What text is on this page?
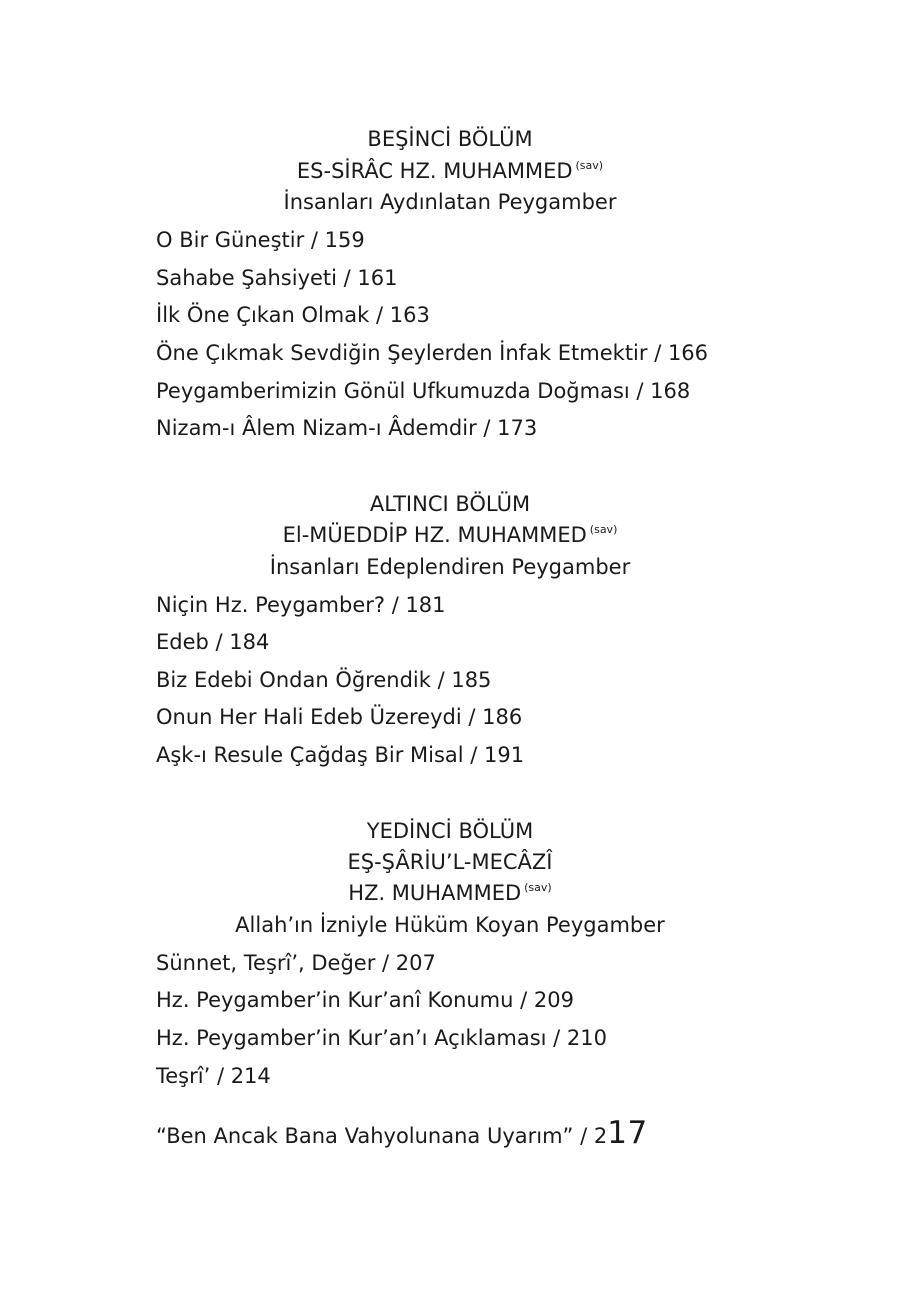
BEŞİNCİ BÖLÜM
ES-SİRÂC HZ. MUHAMMED $^{(sav)}$
İnsanları Aydınlatan Peygamber
O Bir Güneştir / 159
Sahabe Şahsiyeti / 161
İlk Öne Çıkan Olmak / 163
Öne Çıkmak Sevdiğin Şeylerden İnfak Etmektir / 166
Peygamberimizin Gönül Ufkumuzda Doğması / 168
Nizam-ı Âlem Nizam-ı Âdemdir / 173
ALTINCI BÖLÜM
El-MÜEDDİP HZ. MUHAMMED $^{(sav)}$
İnsanları Edeplendiren Peygamber
Niçin Hz. Peygamber? / 181
Edeb / 184
Biz Edebi Ondan Öğrendik / 185
Onun Her Hali Edeb Üzereydi / 186
Aşk-ı Resule Çağdaş Bir Misal / 191
YEDİNCİ BÖLÜM
EŞ-ŞÂRİU’L-MECÂZÎ
HZ. MUHAMMED $^{(sav)}$
Allah’ın İzniyle Hüküm Koyan Peygamber
Sünnet, Teşrî’, Değer / 207
Hz. Peygamber’in Kur’anî Konumu / 209
Hz. Peygamber’in Kur’an’ı Açıklaması / 210
Teşrî’ / 214
“Ben Ancak Bana Vahyolunana Uyarım” / 217
